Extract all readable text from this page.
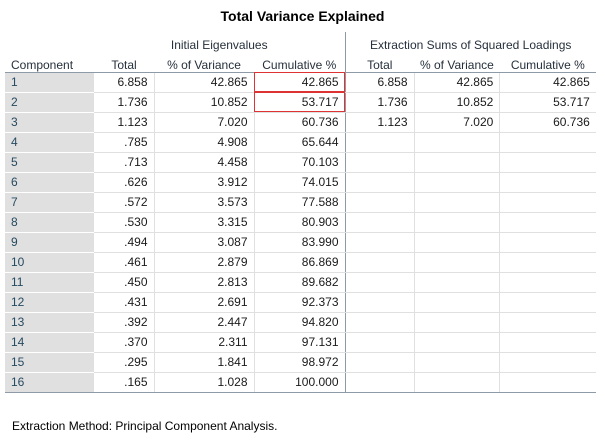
Total Variance Explained
	Initial Eigenvalues			Extraction Sums of Squared Loadings		
Component	Total	% of Variance	Cumulative %	Total	% of Variance	Cumulative %
1	6.858	42.865	42.865	6.858	42.865	42.865
2	1.736	10.852	53.717	1.736	10.852	53.717
3	1.123	7.020	60.736	1.123	7.020	60.736
4	.785	4.908	65.644			
5	.713	4.458	70.103			
6	.626	3.912	74.015			
7	.572	3.573	77.588			
8	.530	3.315	80.903			
9	.494	3.087	83.990			
10	.461	2.879	86.869			
11	.450	2.813	89.682			
12	.431	2.691	92.373			
13	.392	2.447	94.820			
14	.370	2.311	97.131			
15	.295	1.841	98.972			
16	.165	1.028	100.000			
Extraction Method: Principal Component Analysis.
